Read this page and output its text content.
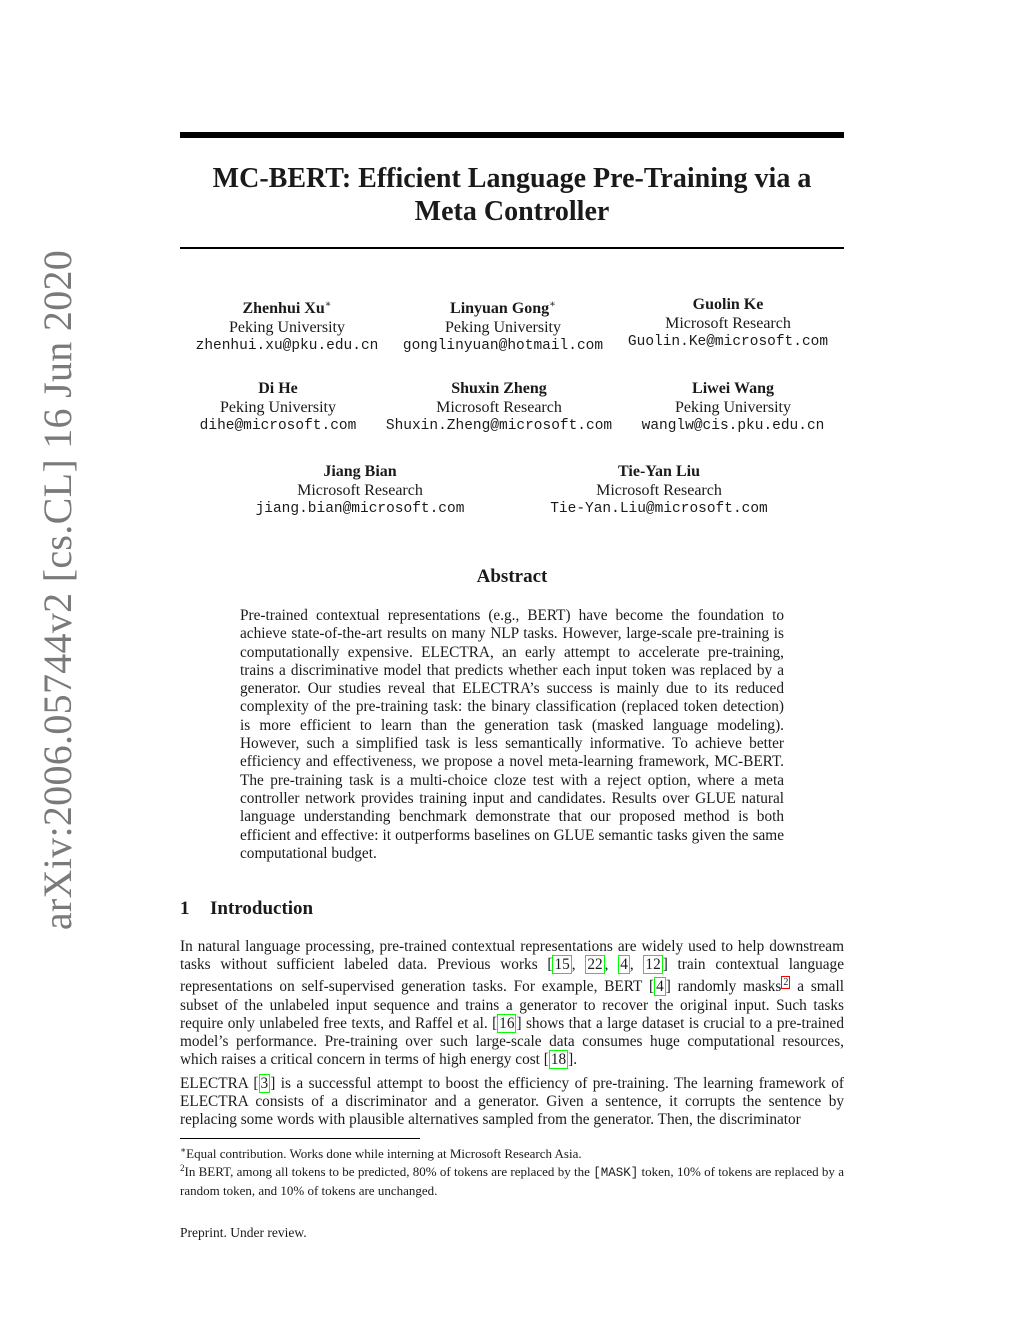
arXiv:2006.05744v2 [cs.CL] 16 Jun 2020
MC-BERT: Efficient Language Pre-Training via a
Meta Controller
Zhenhui Xu∗
Peking University
zhenhui.xu@pku.edu.cn
Linyuan Gong∗
Peking University
gonglinyuan@hotmail.com
Guolin Ke
Microsoft Research
Guolin.Ke@microsoft.com
Di He
Peking University
dihe@microsoft.com
Shuxin Zheng
Microsoft Research
Shuxin.Zheng@microsoft.com
Liwei Wang
Peking University
wanglw@cis.pku.edu.cn
Jiang Bian
Microsoft Research
jiang.bian@microsoft.com
Tie-Yan Liu
Microsoft Research
Tie-Yan.Liu@microsoft.com
Abstract
Pre-trained contextual representations (e.g., BERT) have become the foundation to achieve state-of-the-art results on many NLP tasks. However, large-scale pre-training is computationally expensive. ELECTRA, an early attempt to accelerate pre-training, trains a discriminative model that predicts whether each input token was replaced by a generator. Our studies reveal that ELECTRA’s success is mainly due to its reduced complexity of the pre-training task: the binary classification (replaced token detection) is more efficient to learn than the generation task (masked language modeling). However, such a simplified task is less semantically informative. To achieve better efficiency and effectiveness, we propose a novel meta-learning framework, MC-BERT. The pre-training task is a multi-choice cloze test with a reject option, where a meta controller network provides training input and candidates. Results over GLUE natural language understanding benchmark demonstrate that our proposed method is both efficient and effective: it outperforms baselines on GLUE semantic tasks given the same computational budget.
1 Introduction
In natural language processing, pre-trained contextual representations are widely used to help downstream tasks without sufficient labeled data. Previous works [ 15 , 22 , 4 , 12 ] train contextual language representations on self-supervised generation tasks. For example, BERT [ 4 ] randomly masks $^2$ a small subset of the unlabeled input sequence and trains a generator to recover the original input. Such tasks require only unlabeled free texts, and Raffel et al. [ 16 ] shows that a large dataset is crucial to a pre-trained model’s performance. Pre-training over such large-scale data consumes huge computational resources, which raises a critical concern in terms of high energy cost [ 18 ].
ELECTRA [ 3 ] is a successful attempt to boost the efficiency of pre-training. The learning framework of ELECTRA consists of a discriminator and a generator. Given a sentence, it corrupts the sentence by replacing some words with plausible alternatives sampled from the generator. Then, the discriminator
∗Equal contribution. Works done while interning at Microsoft Research Asia.
$^2$In BERT, among all tokens to be predicted, 80% of tokens are replaced by the [MASK] token, 10% of tokens are replaced by a random token, and 10% of tokens are unchanged.
Preprint. Under review.
